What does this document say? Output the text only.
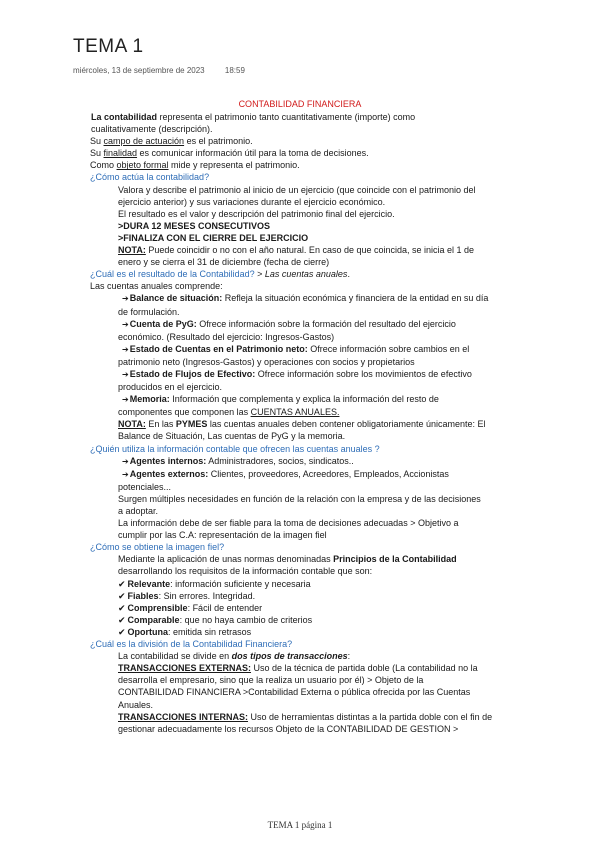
TEMA 1
miércoles, 13 de septiembre de 2023	18:59
CONTABILIDAD FINANCIERA
La contabilidad representa el patrimonio tanto cuantitativamente (importe) como
cualitativamente (descripción).
Su campo de actuación es el patrimonio.
Su finalidad es comunicar información útil para la toma de decisiones.
Como objeto formal mide y representa el patrimonio.
¿Cómo actúa la contabilidad?
Valora y describe el patrimonio al inicio de un ejercicio (que coincide con el patrimonio del
ejercicio anterior) y sus variaciones durante el ejercicio económico.
El resultado es el valor y descripción del patrimonio final del ejercicio.
>DURA 12 MESES CONSECUTIVOS
>FINALIZA CON EL CIERRE DEL EJERCICIO
NOTA: Puede coincidir o no con el año natural. En caso de que coincida, se inicia el 1 de
enero y se cierra el 31 de diciembre (fecha de cierre)
¿Cuál es el resultado de la Contabilidad? > Las cuentas anuales.
Las cuentas anuales comprende:
➔Balance de situación: Refleja la situación económica y financiera de la entidad en su día
de formulación.
➔Cuenta de PyG: Ofrece información sobre la formación del resultado del ejercicio
económico. (Resultado del ejercicio: Ingresos-Gastos)
➔Estado de Cuentas en el Patrimonio neto: Ofrece información sobre cambios en el
patrimonio neto (Ingresos-Gastos) y operaciones con socios y propietarios
➔Estado de Flujos de Efectivo: Ofrece información sobre los movimientos de efectivo
producidos en el ejercicio.
➔Memoria: Información que complementa y explica la información del resto de
componentes que componen las CUENTAS ANUALES.
NOTA: En las PYMES las cuentas anuales deben contener obligatoriamente únicamente: El
Balance de Situación, Las cuentas de PyG y la memoria.
¿Quién utiliza la información contable que ofrecen las cuentas anuales ?
➔Agentes internos: Administradores, socios, sindicatos..
➔Agentes externos: Clientes, proveedores, Acreedores, Empleados, Accionistas
potenciales...
Surgen múltiples necesidades en función de la relación con la empresa y de las decisiones
a adoptar.
La información debe de ser fiable para la toma de decisiones adecuadas > Objetivo a
cumplir por las C.A: representación de la imagen fiel
¿Cómo se obtiene la imagen fiel?
Mediante la aplicación de unas normas denominadas Principios de la Contabilidad
desarrollando los requisitos de la información contable que son:
✔ Relevante: información suficiente y necesaria
✔ Fiables: Sin errores. Integridad.
✔ Comprensible: Fácil de entender
✔ Comparable: que no haya cambio de criterios
✔ Oportuna: emitida sin retrasos
¿Cuál es la división de la Contabilidad Financiera?
La contabilidad se divide en dos tipos de transacciones:
TRANSACCIONES EXTERNAS: Uso de la técnica de partida doble (La contabilidad no la
desarrolla el empresario, sino que la realiza un usuario por él) > Objeto de la
CONTABILIDAD FINANCIERA >Contabilidad Externa o pública ofrecida por las Cuentas
Anuales.
TRANSACCIONES INTERNAS: Uso de herramientas distintas a la partida doble con el fin de
gestionar adecuadamente los recursos Objeto de la CONTABILIDAD DE GESTION >
TEMA 1 página 1
